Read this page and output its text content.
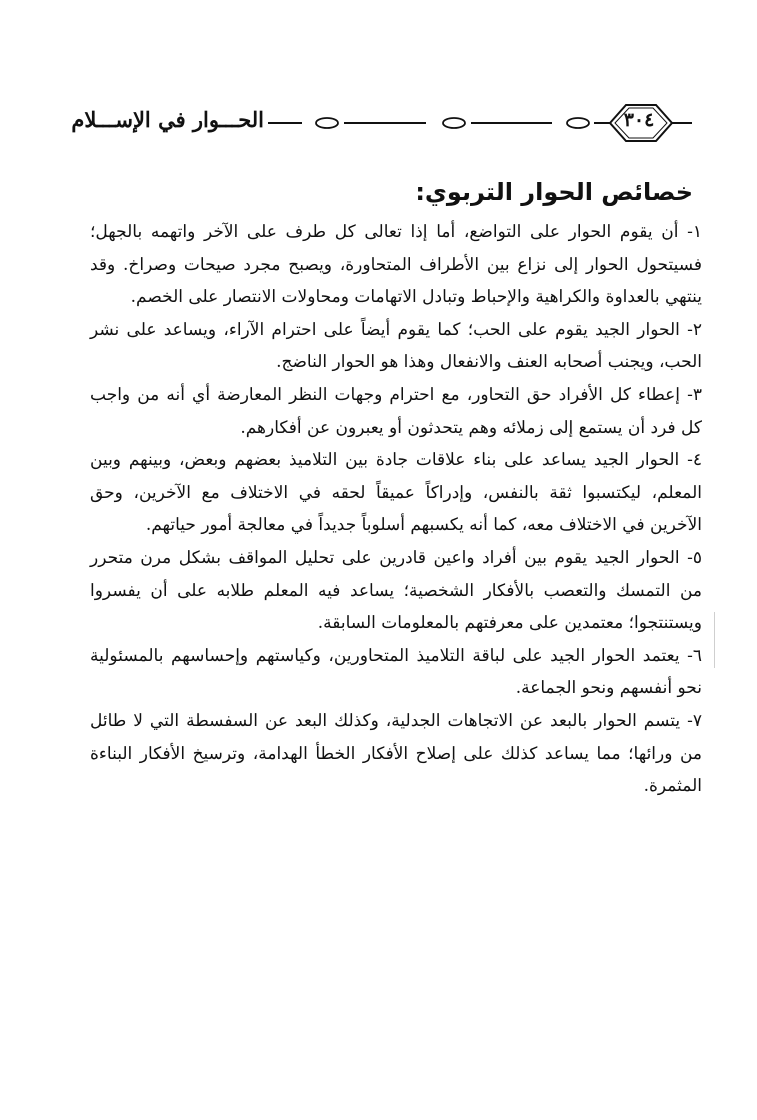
٣٠٤
الحـــوار في الإســـلام
خصائص الحوار التربوي:

١- أن يقوم الحوار على التواضع، أما إذا تعالى كل طرف على الآخر واتهمه بالجهل؛ فسيتحول الحوار إلى نزاع بين الأطراف المتحاورة، ويصبح مجرد صيحات وصراخ. وقد ينتهي بالعداوة والكراهية والإحباط وتبادل الاتهامات ومحاولات الانتصار على الخصم.

٢- الحوار الجيد يقوم على الحب؛ كما يقوم أيضاً على احترام الآراء، ويساعد على نشر الحب، ويجنب أصحابه العنف والانفعال وهذا هو الحوار الناضج.

٣- إعطاء كل الأفراد حق التحاور، مع احترام وجهات النظر المعارضة أي أنه من واجب كل فرد أن يستمع إلى زملائه وهم يتحدثون أو يعبرون عن أفكارهم.

٤- الحوار الجيد يساعد على بناء علاقات جادة بين التلاميذ بعضهم وبعض، وبينهم وبين المعلم، ليكتسبوا ثقة بالنفس، وإدراكاً عميقاً لحقه في الاختلاف مع الآخرين، وحق الآخرين في الاختلاف معه، كما أنه يكسبهم أسلوباً جديداً في معالجة أمور حياتهم.

٥- الحوار الجيد يقوم بين أفراد واعين قادرين على تحليل المواقف بشكل مرن متحرر من التمسك والتعصب بالأفكار الشخصية؛ يساعد فيه المعلم طلابه على أن يفسروا ويستنتجوا؛ معتمدين على معرفتهم بالمعلومات السابقة.

٦- يعتمد الحوار الجيد على لباقة التلاميذ المتحاورين، وكياستهم وإحساسهم بالمسئولية نحو أنفسهم ونحو الجماعة.

٧- يتسم الحوار بالبعد عن الاتجاهات الجدلية، وكذلك البعد عن السفسطة التي لا طائل من ورائها؛ مما يساعد كذلك على إصلاح الأفكار الخطأ الهدامة، وترسيخ الأفكار البناءة المثمرة.
